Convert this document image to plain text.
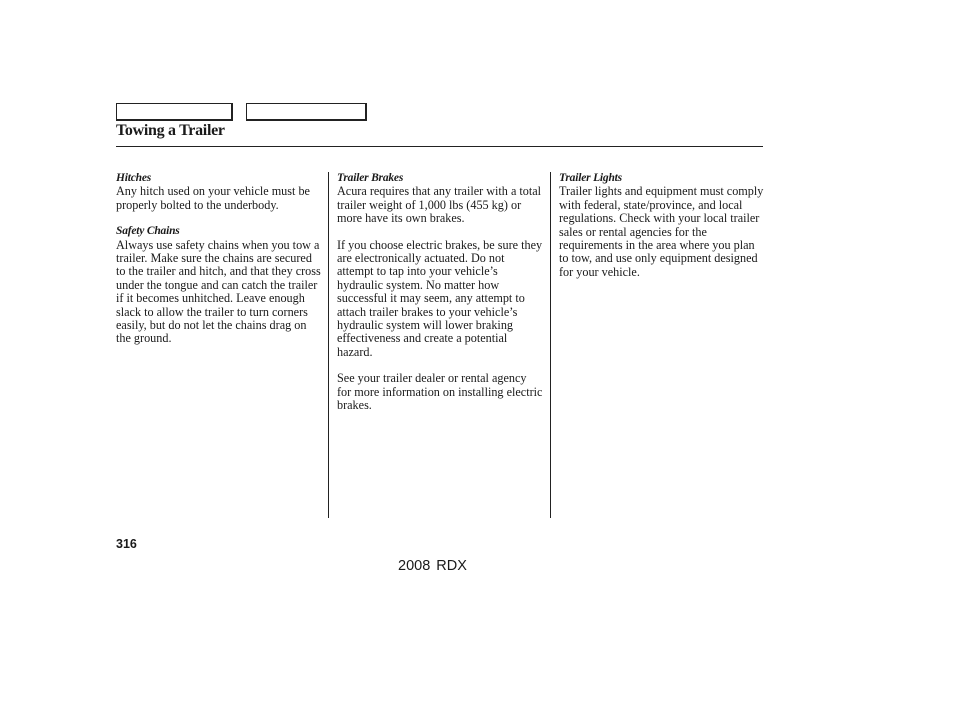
Towing a Trailer

Hitches

Any hitch used on your vehicle must be properly bolted to the underbody.

Safety Chains

Always use safety chains when you tow a trailer. Make sure the chains are secured to the trailer and hitch, and that they cross under the tongue and can catch the trailer if it becomes unhitched. Leave enough slack to allow the trailer to turn corners easily, but do not let the chains drag on the ground.

Trailer Brakes

Acura requires that any trailer with a total trailer weight of 1,000 lbs (455 kg) or more have its own brakes.

If you choose electric brakes, be sure they are electronically actuated. Do not attempt to tap into your vehicle’s hydraulic system. No matter how successful it may seem, any attempt to attach trailer brakes to your vehicle’s hydraulic system will lower braking effectiveness and create a potential hazard.

See your trailer dealer or rental agency for more information on installing electric brakes.

Trailer Lights

Trailer lights and equipment must comply with federal, state/province, and local regulations. Check with your local trailer sales or rental agencies for the requirements in the area where you plan to tow, and use only equipment designed for your vehicle.

316
2008 RDX
